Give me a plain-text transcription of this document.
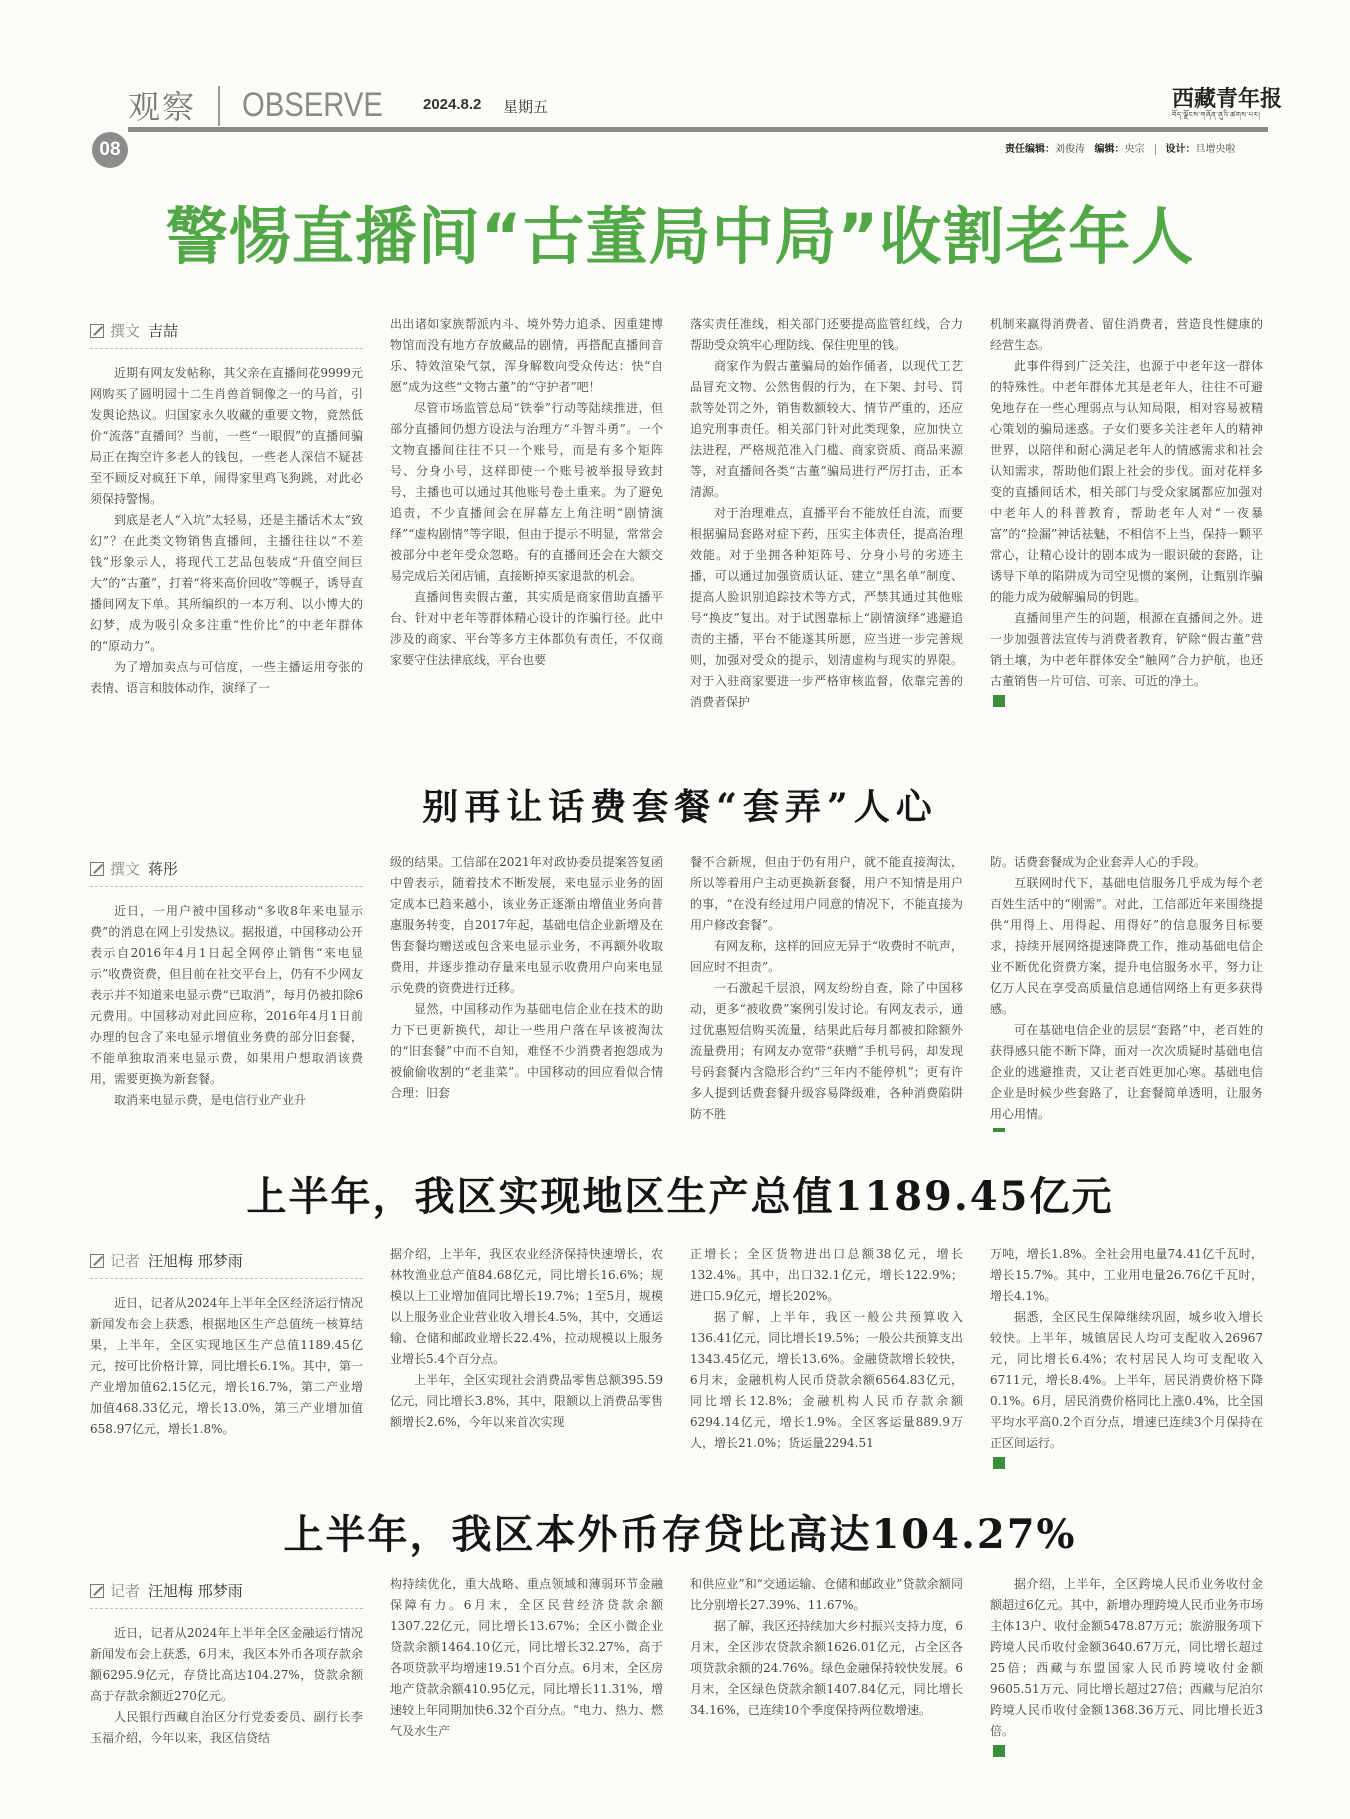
观察 OBSERVE	2024.8.2 星期五	西藏青年报
བོད་ལྗོངས་གཞོན་ནུའི་ཚགས་པར།
08	责任编辑：刘俊涛 编辑：央宗 设计：旦增央啦
警惕直播间“古董局中局”收割老年人
撰文 吉喆

近期有网友发帖称，其父亲在直播间花9999元网购买了圆明园十二生肖兽首铜像之一的马首，引发舆论热议。归国家永久收藏的重要文物，竟然低价“流落”直播间？当前，一些“一眼假”的直播间骗局正在掏空许多老人的钱包，一些老人深信不疑甚至不顾反对疯狂下单，闹得家里鸡飞狗跳，对此必须保持警惕。

到底是老人“入坑”太轻易，还是主播话术太“致幻”？在此类文物销售直播间，主播往往以“不差钱”形象示人，将现代工艺品包装成“升值空间巨大”的“古董”，打着“将来高价回收”等幌子，诱导直播间网友下单。其所编织的一本万利、以小博大的幻梦，成为吸引众多注重“性价比”的中老年群体的“原动力”。

为了增加卖点与可信度，一些主播运用夸张的表情、语言和肢体动作，演绎了一

出出诸如家族帮派内斗、境外势力追杀、因重建博物馆而没有地方存放藏品的剧情，再搭配直播间音乐、特效渲染气氛，浑身解数向受众传达：快“自愿”成为这些“文物古董”的“守护者”吧！

尽管市场监管总局“铁拳”行动等陆续推进，但部分直播间仍想方设法与治理方“斗智斗勇”。一个文物直播间往往不只一个账号，而是有多个矩阵号、分身小号，这样即使一个账号被举报导致封号，主播也可以通过其他账号卷土重来。为了避免追责，不少直播间会在屏幕左上角注明“剧情演绎”“虚构剧情”等字眼，但由于提示不明显，常常会被部分中老年受众忽略。有的直播间还会在大额交易完成后关闭店铺，直接断掉买家退款的机会。

直播间售卖假古董，其实质是商家借助直播平台、针对中老年等群体精心设计的诈骗行径。此中涉及的商家、平台等多方主体都负有责任，不仅商家要守住法律底线，平台也要

落实责任准线，相关部门还要提高监管红线，合力帮助受众筑牢心理防线、保住兜里的钱。

商家作为假古董骗局的始作俑者，以现代工艺品冒充文物、公然售假的行为，在下架、封号、罚款等处罚之外，销售数额较大、情节严重的，还应追究刑事责任。相关部门针对此类现象，应加快立法进程，严格规范准入门槛、商家资质、商品来源等，对直播间各类“古董”骗局进行严厉打击，正本清源。

对于治理难点，直播平台不能放任自流，而要根据骗局套路对症下药，压实主体责任，提高治理效能。对于坐拥各种矩阵号、分身小号的劣迹主播，可以通过加强资质认证、建立“黑名单”制度、提高人脸识别追踪技术等方式，严禁其通过其他账号“换皮”复出。对于试图靠标上“剧情演绎”逃避追责的主播，平台不能遂其所愿，应当进一步完善规则，加强对受众的提示，划清虚构与现实的界限。对于入驻商家要进一步严格审核监督，依靠完善的消费者保护

机制来赢得消费者、留住消费者，营造良性健康的经营生态。

此事件得到广泛关注，也源于中老年这一群体的特殊性。中老年群体尤其是老年人，往往不可避免地存在一些心理弱点与认知局限，相对容易被精心策划的骗局迷惑。子女们要多关注老年人的精神世界，以陪伴和耐心满足老年人的情感需求和社会认知需求，帮助他们跟上社会的步伐。面对花样多变的直播间话术，相关部门与受众家属都应加强对中老年人的科普教育，帮助老年人对“一夜暴富”的“捡漏”神话祛魅，不相信不上当，保持一颗平常心，让精心设计的剧本成为一眼识破的套路，让诱导下单的陷阱成为司空见惯的案例，让甄别诈骗的能力成为破解骗局的钥匙。

直播间里产生的问题，根源在直播间之外。进一步加强普法宣传与消费者教育，铲除“假古董”营销土壤，为中老年群体安全“触网”合力护航，也还古董销售一片可信、可亲、可近的净土。

别再让话费套餐“套弄”人心
撰文 蒋彤

近日，一用户被中国移动“多收8年来电显示费”的消息在网上引发热议。据报道，中国移动公开表示自2016年4月1日起全网停止销售“来电显示”收费资费，但目前在社交平台上，仍有不少网友表示并不知道来电显示费“已取消”，每月仍被扣除6元费用。中国移动对此回应称，2016年4月1日前办理的包含了来电显示增值业务费的部分旧套餐，不能单独取消来电显示费，如果用户想取消该费用，需要更换为新套餐。

取消来电显示费，是电信行业产业升

级的结果。工信部在2021年对政协委员提案答复函中曾表示，随着技术不断发展，来电显示业务的固定成本已趋来越小，该业务正逐渐由增值业务向普惠服务转变，自2017年起，基础电信企业新增及在售套餐均赠送或包含来电显示业务，不再额外收取费用，并逐步推动存量来电显示收费用户向来电显示免费的资费进行迁移。

显然，中国移动作为基础电信企业在技术的助力下已更新换代，却让一些用户落在早该被淘汰的“旧套餐”中而不自知，难怪不少消费者抱怨成为被偷偷收割的“老韭菜”。中国移动的回应看似合情合理：旧套

餐不合新规，但由于仍有用户，就不能直接淘汰，所以等着用户主动更换新套餐，用户不知情是用户的事，“在没有经过用户同意的情况下，不能直接为用户修改套餐”。

有网友称，这样的回应无异于“收费时不吭声，回应时不担责”。

一石激起千层浪，网友纷纷自查，除了中国移动，更多“被收费”案例引发讨论。有网友表示，通过优惠短信购买流量，结果此后每月都被扣除额外流量费用；有网友办宽带“获赠”手机号码，却发现号码套餐内含隐形合约“三年内不能停机”；更有许多人提到话费套餐升级容易降级难，各种消费陷阱防不胜

防。话费套餐成为企业套弄人心的手段。

互联网时代下，基础电信服务几乎成为每个老百姓生活中的“刚需”。对此，工信部近年来围绕提供“用得上、用得起、用得好”的信息服务目标要求，持续开展网络提速降费工作，推动基础电信企业不断优化资费方案，提升电信服务水平，努力让亿万人民在享受高质量信息通信网络上有更多获得感。

可在基础电信企业的层层“套路”中，老百姓的获得感只能不断下降，面对一次次质疑时基础电信企业的逃避推责，又让老百姓更加心寒。基础电信企业是时候少些套路了，让套餐简单透明，让服务用心用情。

上半年，我区实现地区生产总值1189.45亿元
记者 汪旭梅 邢梦雨

近日，记者从2024年上半年全区经济运行情况新闻发布会上获悉，根据地区生产总值统一核算结果，上半年，全区实现地区生产总值1189.45亿元，按可比价格计算，同比增长6.1%。其中，第一产业增加值62.15亿元，增长16.7%，第二产业增加值468.33亿元，增长13.0%，第三产业增加值658.97亿元，增长1.8%。

据介绍，上半年，我区农业经济保持快速增长，农林牧渔业总产值84.68亿元，同比增长16.6%；规模以上工业增加值同比增长19.7%；1至5月，规模以上服务业企业营业收入增长4.5%，其中，交通运输、仓储和邮政业增长22.4%，拉动规模以上服务业增长5.4个百分点。

上半年，全区实现社会消费品零售总额395.59亿元，同比增长3.8%，其中，限额以上消费品零售额增长2.6%，今年以来首次实现

正增长；全区货物进出口总额38亿元，增长132.4%。其中，出口32.1亿元，增长122.9%；进口5.9亿元，增长202%。

据了解，上半年，我区一般公共预算收入136.41亿元，同比增长19.5%；一般公共预算支出1343.45亿元，增长13.6%。金融贷款增长较快，6月末，金融机构人民币贷款余额6564.83亿元，同比增长12.8%；金融机构人民币存款余额6294.14亿元，增长1.9%。全区客运量889.9万人，增长21.0%；货运量2294.51

万吨，增长1.8%。全社会用电量74.41亿千瓦时，增长15.7%。其中，工业用电量26.76亿千瓦时，增长4.1%。

据悉，全区民生保障继续巩固，城乡收入增长较快。上半年，城镇居民人均可支配收入26967元，同比增长6.4%；农村居民人均可支配收入6711元，增长8.4%。上半年，居民消费价格下降0.1%。6月，居民消费价格同比上涨0.4%，比全国平均水平高0.2个百分点，增速已连续3个月保持在正区间运行。

上半年，我区本外币存贷比高达104.27%
记者 汪旭梅 邢梦雨

近日，记者从2024年上半年全区金融运行情况新闻发布会上获悉，6月末，我区本外币各项存款余额6295.9亿元，存贷比高达104.27%，贷款余额高于存款余额近270亿元。

人民银行西藏自治区分行党委委员、副行长李玉福介绍，今年以来，我区信贷结

构持续优化，重大战略、重点领域和薄弱环节金融保障有力。6月末，全区民营经济贷款余额1307.22亿元，同比增长13.67%；全区小微企业贷款余额1464.10亿元，同比增长32.27%，高于各项贷款平均增速19.51个百分点。6月末，全区房地产贷款余额410.95亿元，同比增长11.31%，增速较上年同期加快6.32个百分点。“电力、热力、燃气及水生产

和供应业”和“交通运输、仓储和邮政业”贷款余额同比分别增长27.39%、11.67%。

据了解，我区还持续加大乡村振兴支持力度，6月末，全区涉农贷款余额1626.01亿元，占全区各项贷款余额的24.76%。绿色金融保持较快发展。6月末，全区绿色贷款余额1407.84亿元，同比增长34.16%，已连续10个季度保持两位数增速。

据介绍，上半年，全区跨境人民币业务收付金额超过6亿元。其中，新增办理跨境人民币业务市场主体13户、收付金额5478.87万元；旅游服务项下跨境人民币收付金额3640.67万元，同比增长超过25倍；西藏与东盟国家人民币跨境收付金额9605.51万元、同比增长超过27倍；西藏与尼泊尔跨境人民币收付金额1368.36万元、同比增长近3倍。
